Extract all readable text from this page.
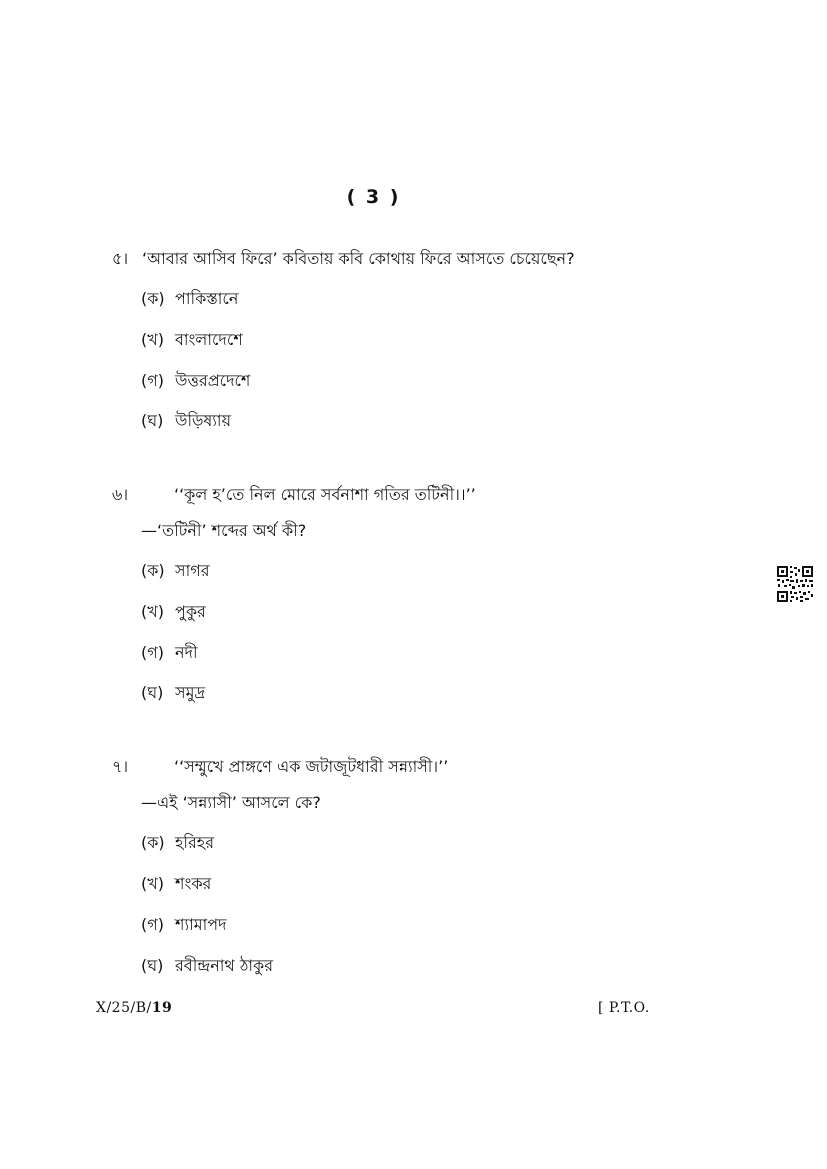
( 3 )
৫। ‘আবার আসিব ফিরে’ কবিতায় কবি কোথায় ফিরে আসতে চেয়েছেন?
(ক) পাকিস্তানে
(খ) বাংলাদেশে
(গ) উত্তরপ্রদেশে
(ঘ) উড়িষ্যায়
৬।	‘‘কূল হ’তে নিল মোরে সর্বনাশা গতির তটিনী।।’’
—‘তটিনী’ শব্দের অর্থ কী?
(ক) সাগর
(খ) পুকুর
(গ) নদী
(ঘ) সমুদ্র
৭।	‘‘সম্মুখে প্রাঙ্গণে এক জটাজূটধারী সন্ন্যাসী।’’
—এই ‘সন্ন্যাসী’ আসলে কে?
(ক) হরিহর
(খ) শংকর
(গ) শ্যামাপদ
(ঘ) রবীন্দ্রনাথ ঠাকুর
X/25/B/19	[ P.T.O.
